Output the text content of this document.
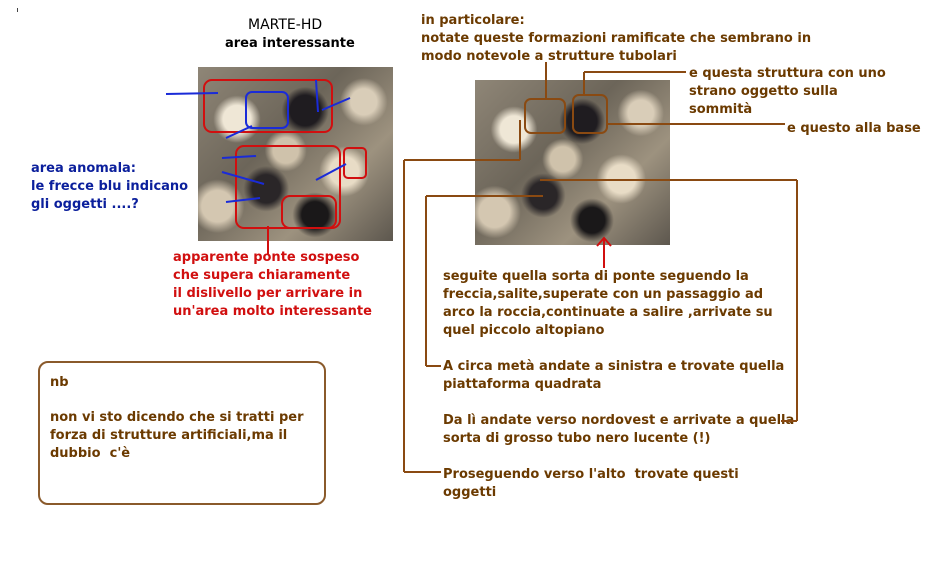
MARTE-HD
area interessante
area anomala:
le frecce blu indicano
gli oggetti ....?
apparente ponte sospeso
che supera chiaramente
il dislivello per arrivare in
un'area molto interessante
in particolare:
notate queste formazioni ramificate che sembrano in
modo notevole a strutture tubolari
e questa struttura con uno
strano oggetto sulla
sommità
e questo alla base
seguite quella sorta di ponte seguendo la
freccia,salite,superate con un passaggio ad
arco la roccia,continuate a salire ,arrivate su
quel piccolo altopiano
A circa metà andate a sinistra e trovate quella
piattaforma quadrata
Da lì andate verso nordovest e arrivate a quella
sorta di grosso tubo nero lucente (!)
Proseguendo verso l'alto  trovate questi
oggetti
nb
non vi sto dicendo che si tratti per
forza di strutture artificiali,ma il
dubbio  c'è
